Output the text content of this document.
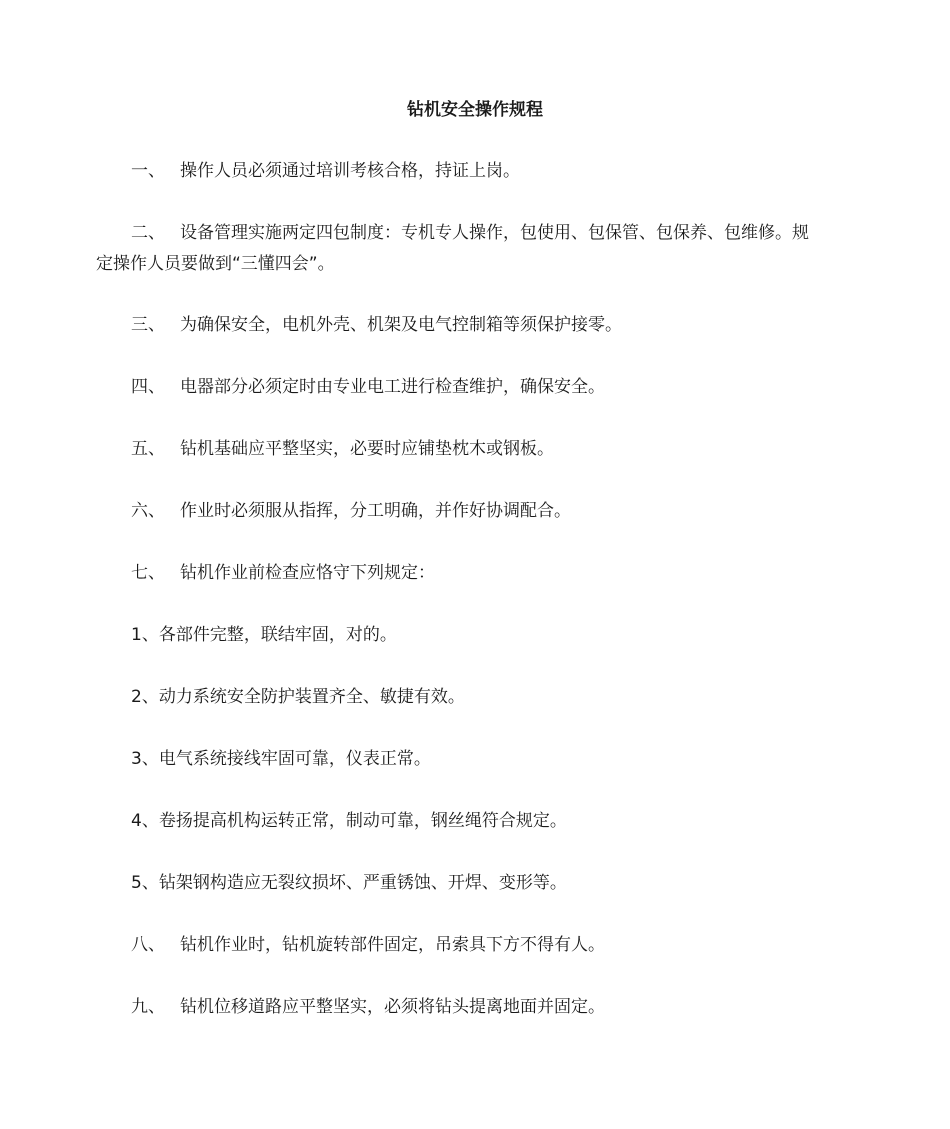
钻机安全操作规程
一、 操作人员必须通过培训考核合格，持证上岗。
二、 设备管理实施两定四包制度：专机专人操作，包使用、包保管、包保养、包维修。规
定操作人员要做到“三懂四会”。
三、 为确保安全，电机外壳、机架及电气控制箱等须保护接零。
四、 电器部分必须定时由专业电工进行检查维护，确保安全。
五、 钻机基础应平整坚实，必要时应铺垫枕木或钢板。
六、 作业时必须服从指挥，分工明确，并作好协调配合。
七、 钻机作业前检查应恪守下列规定：
1、各部件完整，联结牢固，对的。
2、动力系统安全防护装置齐全、敏捷有效。
3、电气系统接线牢固可靠，仪表正常。
4、卷扬提高机构运转正常，制动可靠，钢丝绳符合规定。
5、钻架钢构造应无裂纹损坏、严重锈蚀、开焊、变形等。
八、 钻机作业时，钻机旋转部件固定，吊索具下方不得有人。
九、 钻机位移道路应平整坚实，必须将钻头提离地面并固定。
